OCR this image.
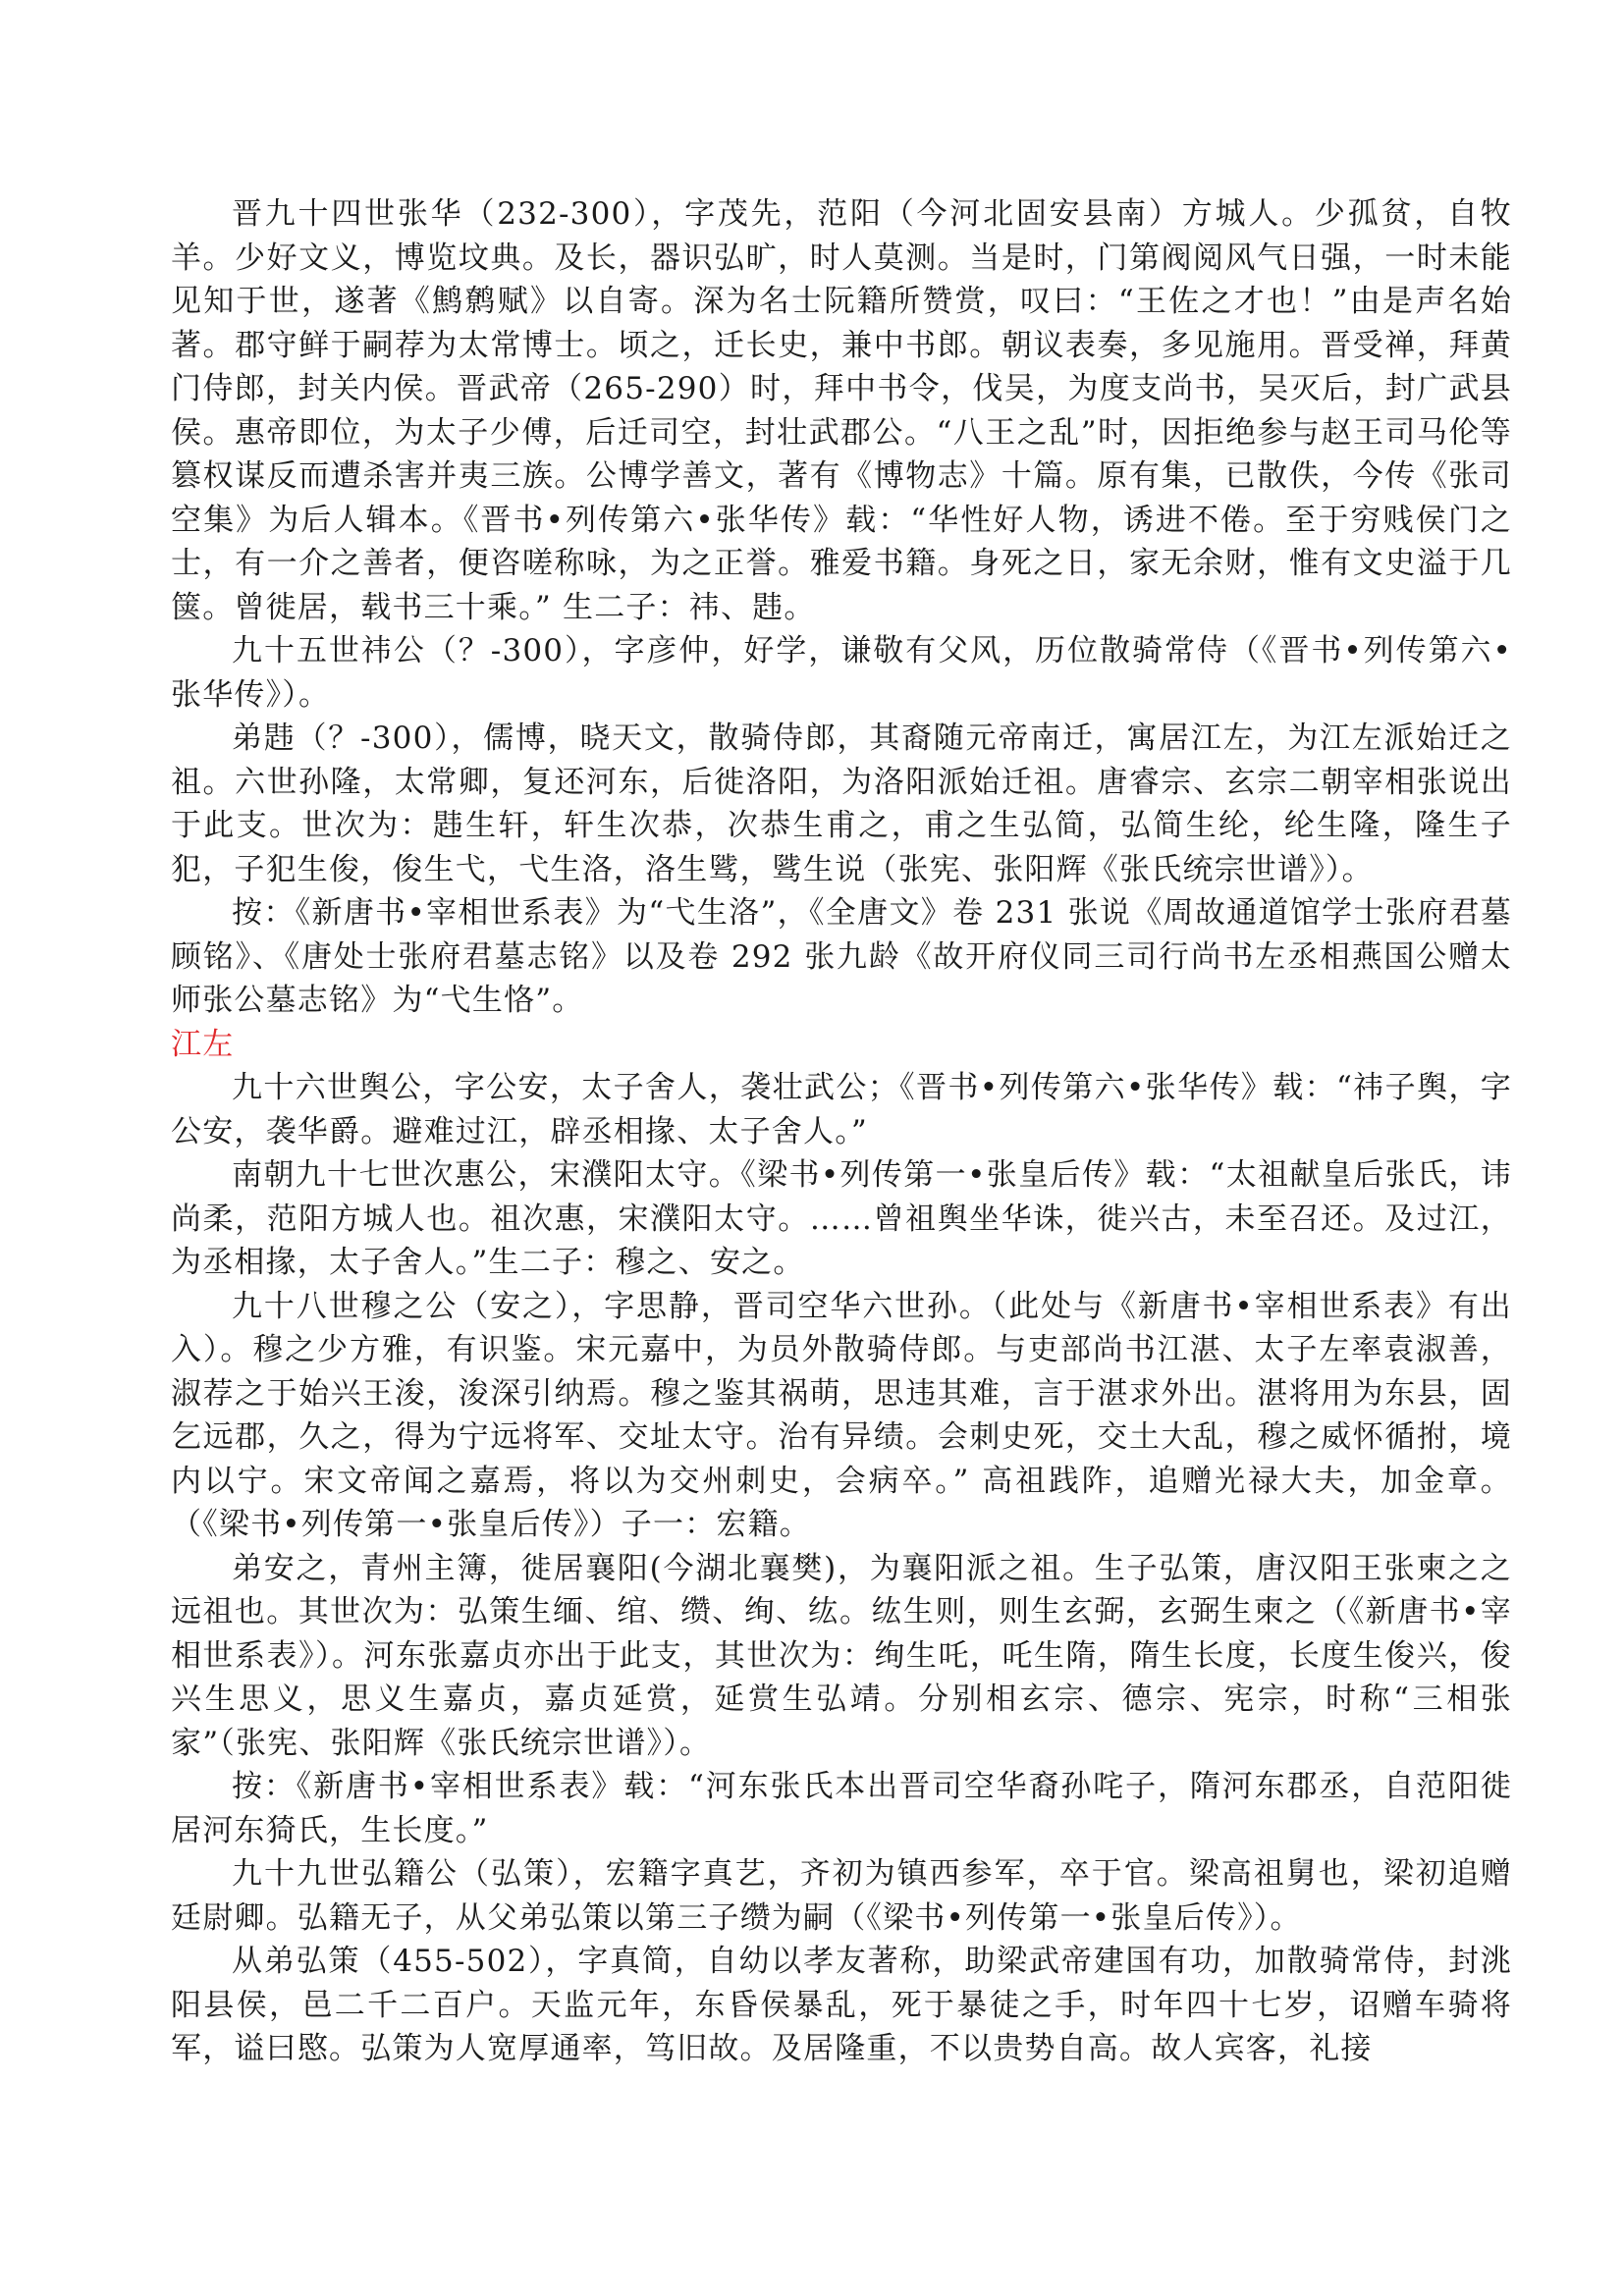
晋九十四世张华（232-300），字茂先，范阳（今河北固安县南）方城人。少孤贫，自牧羊。少好文义，博览坟典。及长，器识弘旷，时人莫测。当是时，门第阀阅风气日强，一时未能见知于世，遂著《鹪鹩赋》以自寄。深为名士阮籍所赞赏，叹曰：“王佐之才也！”由是声名始著。郡守鲜于嗣荐为太常博士。顷之，迁长史，兼中书郎。朝议表奏，多见施用。晋受禅，拜黄门侍郎，封关内侯。晋武帝（265-290）时，拜中书令，伐吴，为度支尚书，吴灭后，封广武县侯。惠帝即位，为太子少傅，后迁司空，封壮武郡公。“八王之乱”时，因拒绝参与赵王司马伦等篡权谋反而遭杀害并夷三族。公博学善文，著有《博物志》十篇。原有集，已散佚，今传《张司空集》为后人辑本。《晋书•列传第六•张华传》载：“华性好人物，诱进不倦。至于穷贱侯门之士，有一介之善者，便咨嗟称咏，为之正誉。雅爱书籍。身死之日，家无余财，惟有文史溢于几箧。曾徙居，载书三十乘。” 生二子：祎、韪。

九十五世祎公（？-300），字彦仲，好学，谦敬有父风，历位散骑常侍（《晋书•列传第六•张华传》）。

弟韪（？-300），儒博，晓天文，散骑侍郎，其裔随元帝南迁，寓居江左，为江左派始迁之祖。六世孙隆，太常卿，复还河东，后徙洛阳，为洛阳派始迁祖。唐睿宗、玄宗二朝宰相张说出于此支。世次为：韪生轩，轩生次恭，次恭生甫之，甫之生弘简，弘简生纶，纶生隆，隆生子犯，子犯生俊，俊生弋，弋生洛，洛生骘，骘生说（张宪、张阳辉《张氏统宗世谱》）。

按：《新唐书•宰相世系表》为“弋生洛”，《全唐文》卷 231 张说《周故通道馆学士张府君墓顾铭》、《唐处士张府君墓志铭》以及卷 292 张九龄《故开府仪同三司行尚书左丞相燕国公赠太师张公墓志铭》为“弋生恪”。

江左

九十六世舆公，字公安，太子舍人，袭壮武公；《晋书•列传第六•张华传》载：“祎子舆，字公安，袭华爵。避难过江，辟丞相掾、太子舍人。”

南朝九十七世次惠公，宋濮阳太守。《梁书•列传第一•张皇后传》载：“太祖献皇后张氏，讳尚柔，范阳方城人也。祖次惠，宋濮阳太守。……曾祖舆坐华诛，徙兴古，未至召还。及过江，为丞相掾，太子舍人。”生二子：穆之、安之。

九十八世穆之公（安之），字思静，晋司空华六世孙。（此处与《新唐书•宰相世系表》有出入）。穆之少方雅，有识鉴。宋元嘉中，为员外散骑侍郎。与吏部尚书江湛、太子左率袁淑善，淑荐之于始兴王浚，浚深引纳焉。穆之鉴其祸萌，思违其难，言于湛求外出。湛将用为东县，固乞远郡，久之，得为宁远将军、交址太守。治有异绩。会刺史死，交土大乱，穆之威怀循拊，境内以宁。宋文帝闻之嘉焉，将以为交州刺史，会病卒。” 高祖践阼，追赠光禄大夫，加金章。（《梁书•列传第一•张皇后传》）子一：宏籍。

弟安之，青州主簿，徙居襄阳(今湖北襄樊)，为襄阳派之祖。生子弘策，唐汉阳王张柬之之远祖也。其世次为：弘策生缅、绾、缵、绚、纮。纮生则，则生玄弼，玄弼生柬之（《新唐书•宰相世系表》）。河东张嘉贞亦出于此支，其世次为：绚生吒，吒生隋，隋生长度，长度生俊兴，俊兴生思义，思义生嘉贞，嘉贞延赏，延赏生弘靖。分别相玄宗、德宗、宪宗，时称“三相张家”（张宪、张阳辉《张氏统宗世谱》）。

按：《新唐书•宰相世系表》载：“河东张氏本出晋司空华裔孙咤子，隋河东郡丞，自范阳徙居河东猗氏，生长度。”

九十九世弘籍公（弘策），宏籍字真艺，齐初为镇西参军，卒于官。梁高祖舅也，梁初追赠廷尉卿。弘籍无子，从父弟弘策以第三子缵为嗣（《梁书•列传第一•张皇后传》）。

从弟弘策（455-502），字真简，自幼以孝友著称，助梁武帝建国有功，加散骑常侍，封洮阳县侯，邑二千二百户。天监元年，东昏侯暴乱，死于暴徒之手，时年四十七岁，诏赠车骑将军，谥曰愍。弘策为人宽厚通率，笃旧故。及居隆重，不以贵势自高。故人宾客，礼接
